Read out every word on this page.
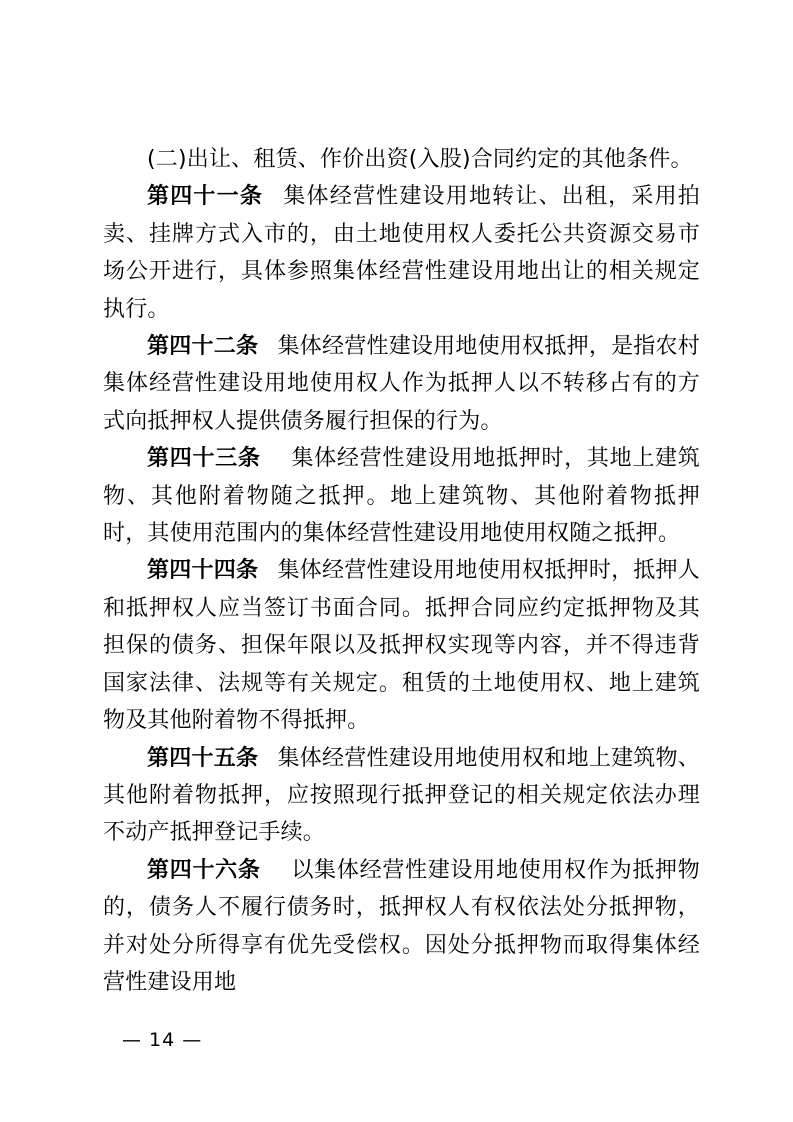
(二)出让、租赁、作价出资(入股)合同约定的其他条件。

第四十一条 集体经营性建设用地转让、出租，采用拍卖、挂牌方式入市的，由土地使用权人委托公共资源交易市场公开进行，具体参照集体经营性建设用地出让的相关规定执行。

第四十二条 集体经营性建设用地使用权抵押，是指农村集体经营性建设用地使用权人作为抵押人以不转移占有的方式向抵押权人提供债务履行担保的行为。

第四十三条 集体经营性建设用地抵押时，其地上建筑物、其他附着物随之抵押。地上建筑物、其他附着物抵押时，其使用范围内的集体经营性建设用地使用权随之抵押。

第四十四条 集体经营性建设用地使用权抵押时，抵押人和抵押权人应当签订书面合同。抵押合同应约定抵押物及其担保的债务、担保年限以及抵押权实现等内容，并不得违背国家法律、法规等有关规定。租赁的土地使用权、地上建筑物及其他附着物不得抵押。

第四十五条 集体经营性建设用地使用权和地上建筑物、其他附着物抵押，应按照现行抵押登记的相关规定依法办理不动产抵押登记手续。

第四十六条 以集体经营性建设用地使用权作为抵押物的，债务人不履行债务时，抵押权人有权依法处分抵押物，并对处分所得享有优先受偿权。因处分抵押物而取得集体经营性建设用地

— 14 —
